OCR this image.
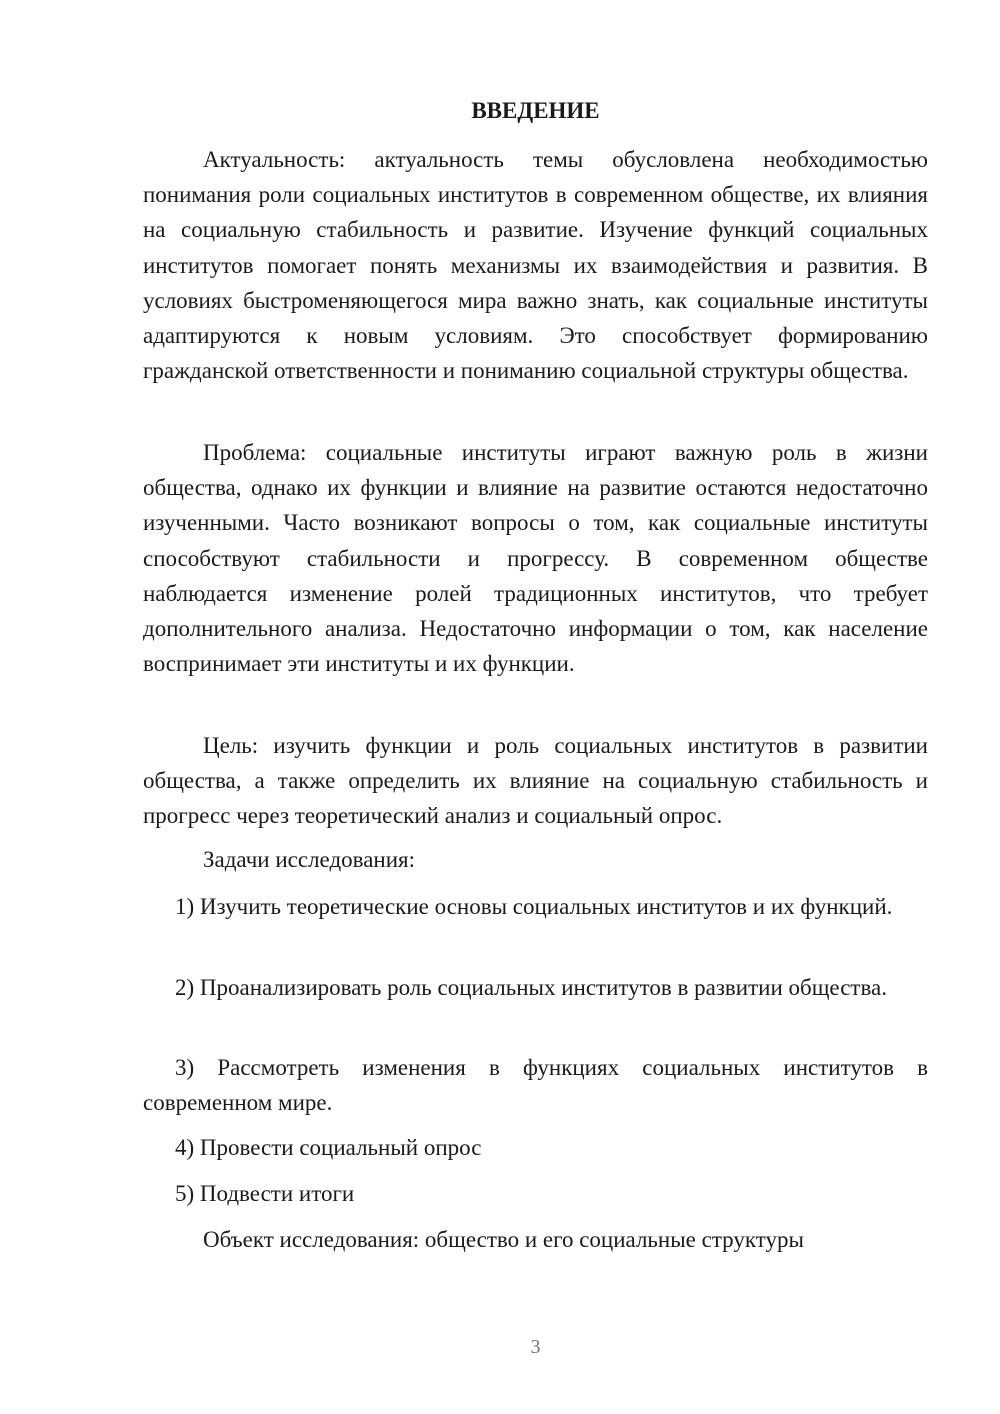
ВВЕДЕНИЕ

Актуальность: актуальность темы обусловлена необходимостью понимания роли социальных институтов в современном обществе, их влияния на социальную стабильность и развитие. Изучение функций социальных институтов помогает понять механизмы их взаимодействия и развития. В условиях быстроменяющегося мира важно знать, как социальные институты адаптируются к новым условиям. Это способствует формированию гражданской ответственности и пониманию социальной структуры общества.

Проблема: социальные институты играют важную роль в жизни общества, однако их функции и влияние на развитие остаются недостаточно изученными. Часто возникают вопросы о том, как социальные институты способствуют стабильности и прогрессу. В современном обществе наблюдается изменение ролей традиционных институтов, что требует дополнительного анализа. Недостаточно информации о том, как население воспринимает эти институты и их функции.

Цель: изучить функции и роль социальных институтов в развитии общества, а также определить их влияние на социальную стабильность и прогресс через теоретический анализ и социальный опрос.

Задачи исследования:

1) Изучить теоретические основы социальных институтов и их функций.

2) Проанализировать роль социальных институтов в развитии общества.

3) Рассмотреть изменения в функциях социальных институтов в современном мире.

4) Провести социальный опрос

5) Подвести итоги

Объект исследования: общество и его социальные структуры

3
